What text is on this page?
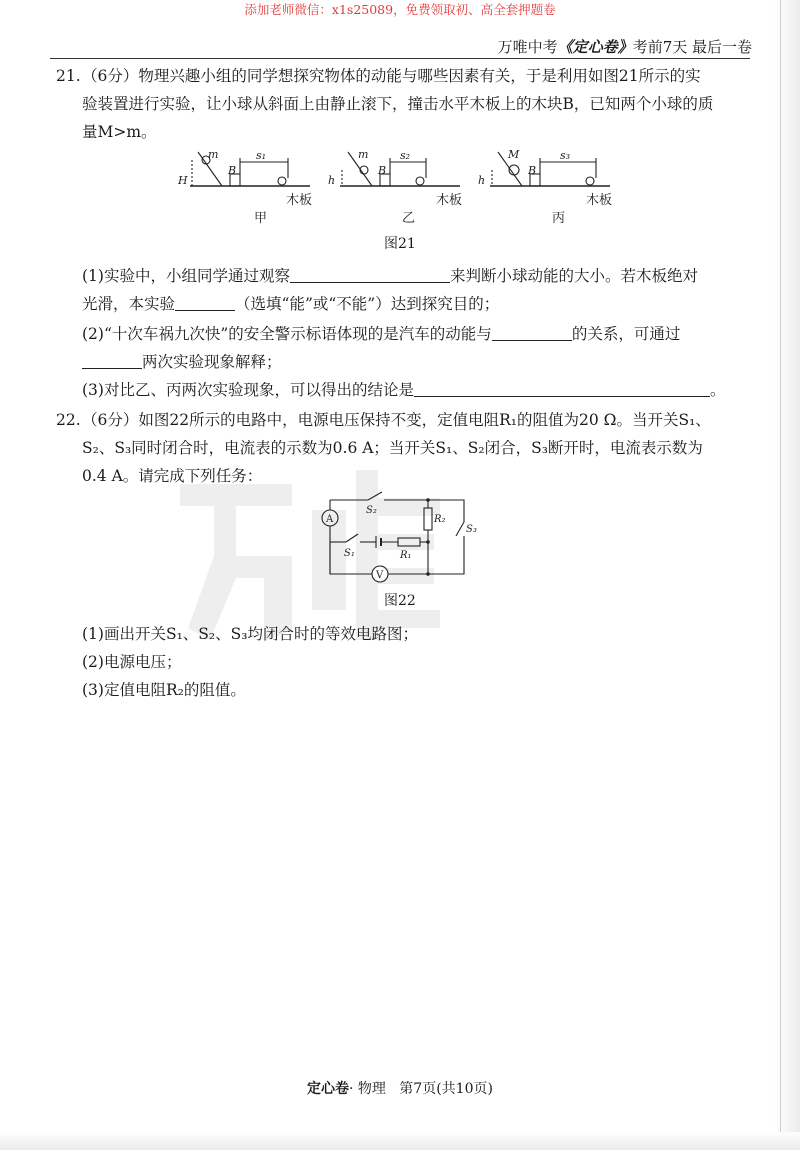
添加老师微信：x1s25089，免费领取初、高全套押题卷
万唯中考《定心卷》考前7天 最后一卷
21.（6分）物理兴趣小组的同学想探究物体的动能与哪些因素有关，于是利用如图21所示的实
验装置进行实验，让小球从斜面上由静止滚下，撞击水平木板上的木块B，已知两个小球的质
量M>m。
m
H
B
s₁	m
h
B
s₂	M
h
B
s₃
木板	木板	木板
甲	乙	丙
图21
(1)实验中，小组同学通过观察	来判断小球动能的大小。若木板绝对
光滑，本实验	（选填“能”或“不能”）达到探究目的；
(2)“十次车祸九次快”的安全警示标语体现的是汽车的动能与	的关系，可通过
两次实验现象解释；
(3)对比乙、丙两次实验现象，可以得出的结论是	。
22.（6分）如图22所示的电路中，电源电压保持不变，定值电阻R₁的阻值为20 Ω。当开关S₁、
S₂、S₃同时闭合时，电流表的示数为0.6 A；当开关S₁、S₂闭合，S₃断开时，电流表示数为
0.4 A。请完成下列任务：
A
V
S₂
S₁
S₃
R₁
R₂
图22
(1)画出开关S₁、S₂、S₃均闭合时的等效电路图；
(2)电源电压；
(3)定值电阻R₂的阻值。
定心卷· 物理 第7页(共10页)
